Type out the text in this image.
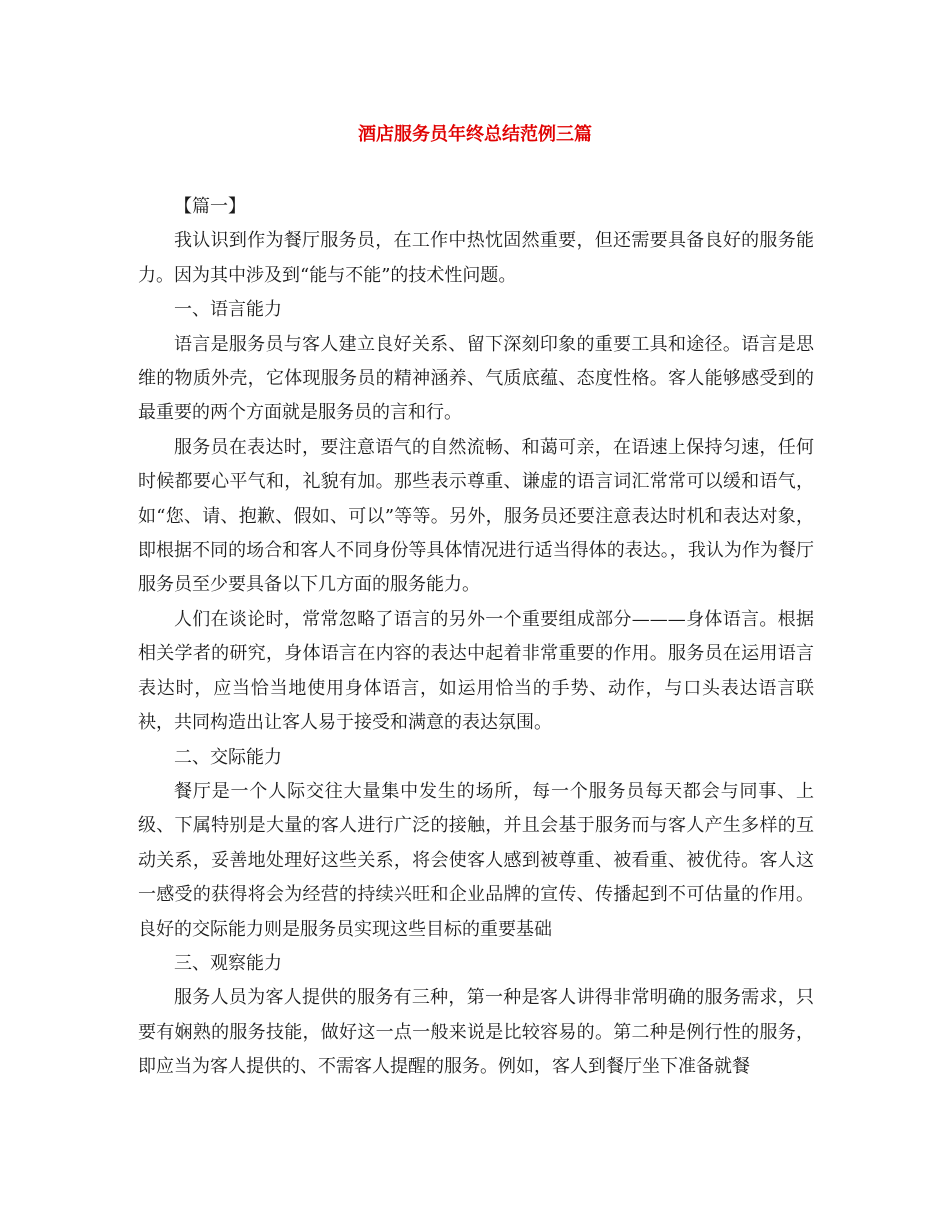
酒店服务员年终总结范例三篇

【篇一】

我认识到作为餐厅服务员，在工作中热忱固然重要，但还需要具备良好的服务能力。因为其中涉及到“能与不能”的技术性问题。

一、语言能力

语言是服务员与客人建立良好关系、留下深刻印象的重要工具和途径。语言是思维的物质外壳，它体现服务员的精神涵养、气质底蕴、态度性格。客人能够感受到的最重要的两个方面就是服务员的言和行。

服务员在表达时，要注意语气的自然流畅、和蔼可亲，在语速上保持匀速，任何时候都要心平气和，礼貌有加。那些表示尊重、谦虚的语言词汇常常可以缓和语气，如“您、请、抱歉、假如、可以”等等。另外，服务员还要注意表达时机和表达对象，即根据不同的场合和客人不同身份等具体情况进行适当得体的表达。，我认为作为餐厅服务员至少要具备以下几方面的服务能力。

人们在谈论时，常常忽略了语言的另外一个重要组成部分———身体语言。根据相关学者的研究，身体语言在内容的表达中起着非常重要的作用。服务员在运用语言表达时，应当恰当地使用身体语言，如运用恰当的手势、动作，与口头表达语言联袂，共同构造出让客人易于接受和满意的表达氛围。

二、交际能力

餐厅是一个人际交往大量集中发生的场所，每一个服务员每天都会与同事、上级、下属特别是大量的客人进行广泛的接触，并且会基于服务而与客人产生多样的互动关系，妥善地处理好这些关系，将会使客人感到被尊重、被看重、被优待。客人这一感受的获得将会为经营的持续兴旺和企业品牌的宣传、传播起到不可估量的作用。良好的交际能力则是服务员实现这些目标的重要基础

三、观察能力

服务人员为客人提供的服务有三种，第一种是客人讲得非常明确的服务需求，只要有娴熟的服务技能，做好这一点一般来说是比较容易的。第二种是例行性的服务，即应当为客人提供的、不需客人提醒的服务。例如，客人到餐厅坐下准备就餐
